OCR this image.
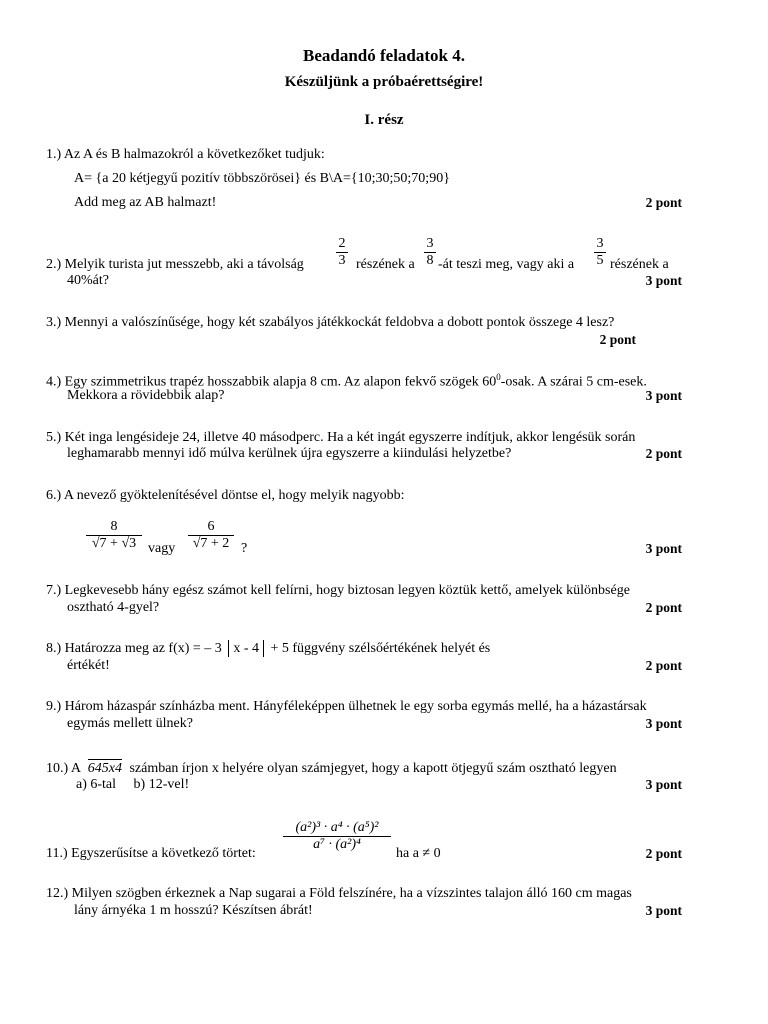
Beadandó feladatok 4.
Készüljünk a próbaérettségire!
I. rész
1.) Az A és B halmazokról a következőket tudjuk:
A= {a 20 kétjegyű pozitív többszörösei} és B\A={10;30;50;70;90}
Add meg az AB halmazt!	2 pont
2.) Melyik turista jut messzebb, aki a távolság $\frac{2}{3}$ részének a $\frac{3}{8}$ -át teszi meg, vagy aki a $\frac{3}{5}$ részének a
40%át?	3 pont
3.) Mennyi a valószínűsége, hogy két szabályos játékkockát feldobva a dobott pontok összege 4 lesz?
2 pont
4.) Egy szimmetrikus trapéz hosszabbik alapja 8 cm. Az alapon fekvő szögek $60^0$-osak. A szárai 5 cm-esek.
Mekkora a rövidebbik alap?	3 pont
5.) Két inga lengésideje 24, illetve 40 másodperc. Ha a két ingát egyszerre indítjuk, akkor lengésük során
leghamarabb mennyi idő múlva kerülnek újra egyszerre a kiindulási helyzetbe?	2 pont
6.) A nevező gyöktelenítésével döntse el, hogy melyik nagyobb:
$\frac{8}{√7 + √3}$ vagy $\frac{6}{√7 + 2}$ ?	3 pont
7.) Legkevesebb hány egész számot kell felírni, hogy biztosan legyen köztük kettő, amelyek különbsége
osztható 4-gyel?	2 pont
8.) Határozza meg az f(x) = – 3 x - 4 + 5 függvény szélsőértékének helyét és
értékét!	2 pont
9.) Három házaspár színházba ment. Hányféleképpen ülhetnek le egy sorba egymás mellé, ha a házastársak
egymás mellett ülnek?	3 pont
10.) A 645x4 számban írjon x helyére olyan számjegyet, hogy a kapott ötjegyű szám osztható legyen
a) 6-tal     b) 12-vel!	3 pont
11.) Egyszerűsítse a következő törtet:
$\frac{\text{(a²)³ · a⁴ · (a⁵)²}}{\text{a⁷ · (a²)⁴}}$
ha a ≠ 0	2 pont
12.) Milyen szögben érkeznek a Nap sugarai a Föld felszínére, ha a vízszintes talajon álló 160 cm magas
lány árnyéka 1 m hosszú? Készítsen ábrát!	3 pont
